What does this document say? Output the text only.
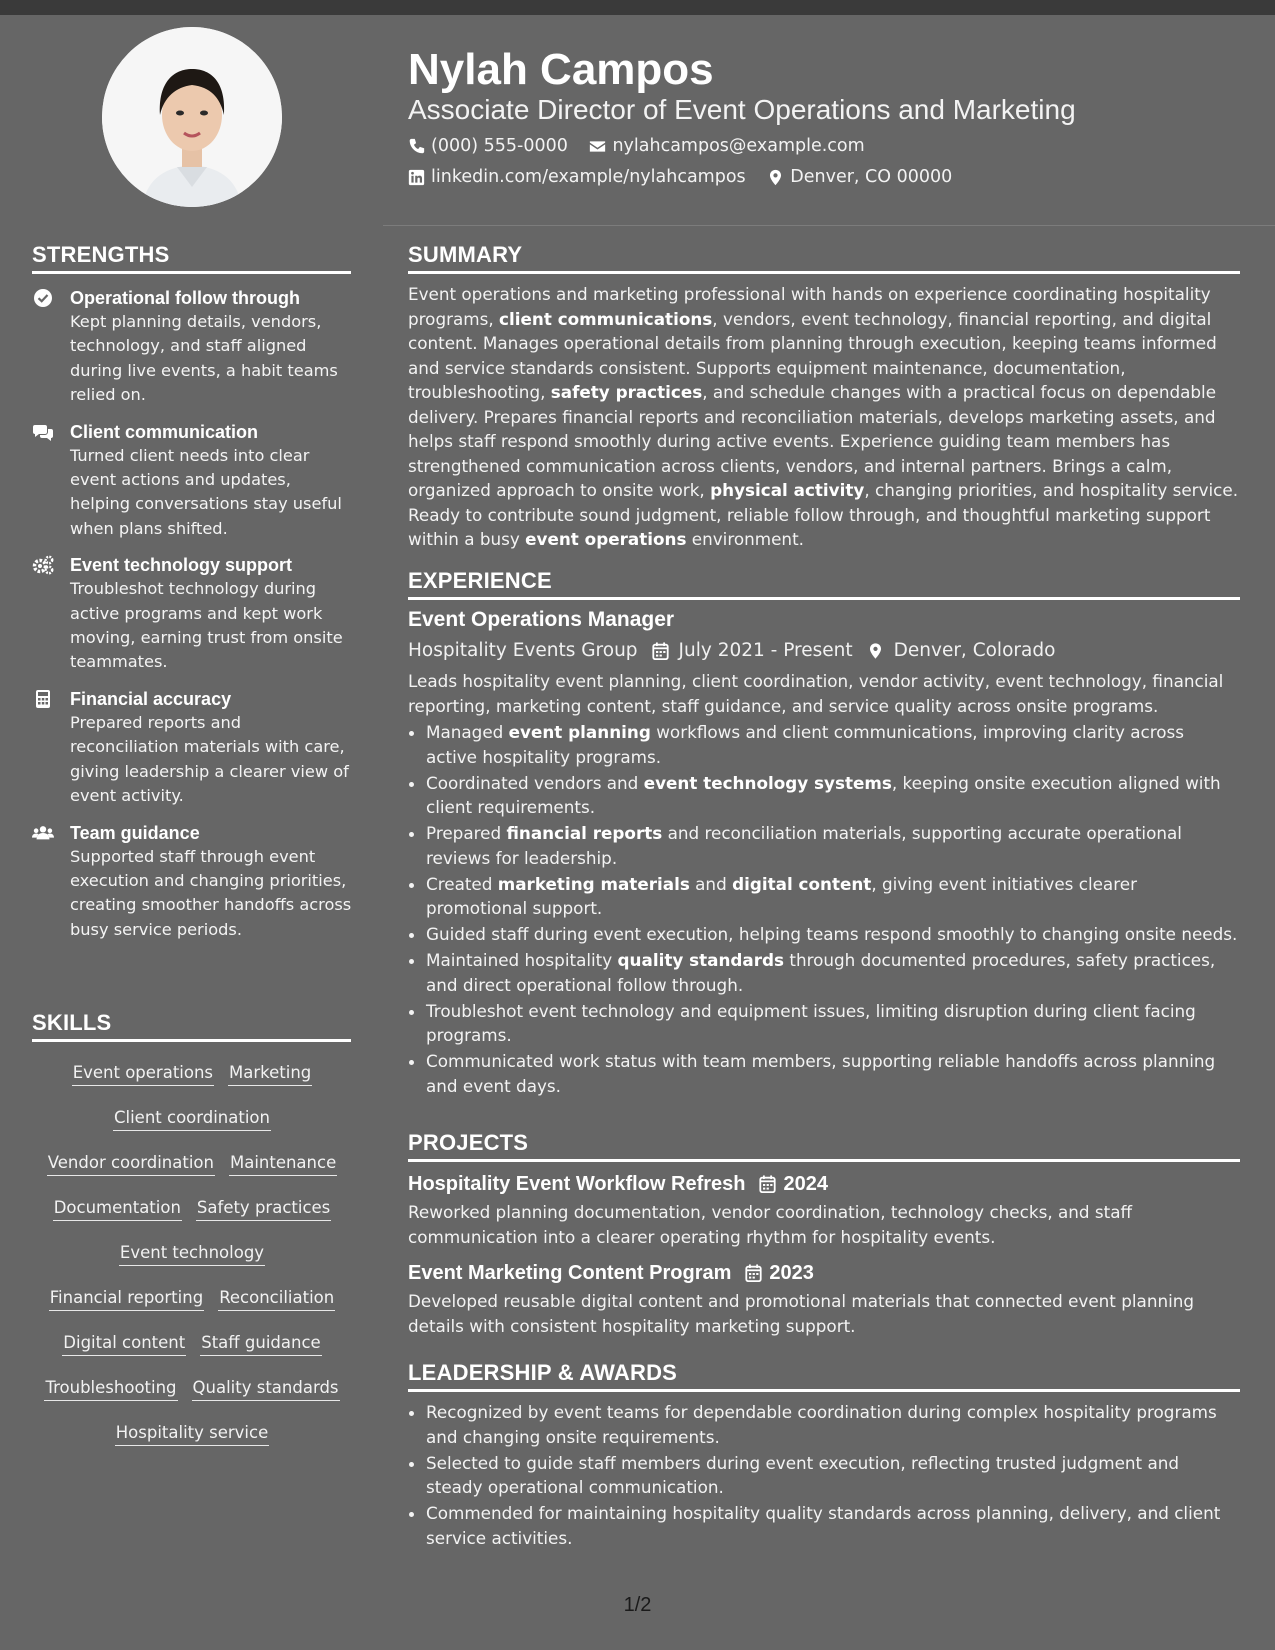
STRENGTHS
Operational follow through
Kept planning details, vendors, technology, and staff aligned during live events, a habit teams relied on.
Client communication
Turned client needs into clear event actions and updates, helping conversations stay useful when plans shifted.
Event technology support
Troubleshot technology during active programs and kept work moving, earning trust from onsite teammates.
Financial accuracy
Prepared reports and reconciliation materials with care, giving leadership a clearer view of event activity.
Team guidance
Supported staff through event execution and changing priorities, creating smoother handoffs across busy service periods.
SKILLS
Event operations Marketing
Client coordination
Vendor coordination Maintenance
Documentation Safety practices
Event technology
Financial reporting Reconciliation
Digital content Staff guidance
Troubleshooting Quality standards
Hospitality service
Nylah Campos
Associate Director of Event Operations and Marketing
(000) 555-0000
	nylahcampos@example.com
linkedin.com/example/nylahcampos
	Denver, CO 00000
SUMMARY
Event operations and marketing professional with hands on experience coordinating hospitality programs, client communications, vendors, event technology, financial reporting, and digital content. Manages operational details from planning through execution, keeping teams informed and service standards consistent. Supports equipment maintenance, documentation, troubleshooting, safety practices, and schedule changes with a practical focus on dependable delivery. Prepares financial reports and reconciliation materials, develops marketing assets, and helps staff respond smoothly during active events. Experience guiding team members has strengthened communication across clients, vendors, and internal partners. Brings a calm, organized approach to onsite work, physical activity, changing priorities, and hospitality service. Ready to contribute sound judgment, reliable follow through, and thoughtful marketing support within a busy event operations environment.
EXPERIENCE
Event Operations Manager
Hospitality Events Group July 2021 - Present Denver, Colorado
Leads hospitality event planning, client coordination, vendor activity, event technology, financial reporting, marketing content, staff guidance, and service quality across onsite programs.
• Managed event planning workflows and client communications, improving clarity across active hospitality programs.
• Coordinated vendors and event technology systems, keeping onsite execution aligned with client requirements.
• Prepared financial reports and reconciliation materials, supporting accurate operational reviews for leadership.
• Created marketing materials and digital content, giving event initiatives clearer promotional support.
• Guided staff during event execution, helping teams respond smoothly to changing onsite needs.
• Maintained hospitality quality standards through documented procedures, safety practices, and direct operational follow through.
• Troubleshot event technology and equipment issues, limiting disruption during client facing programs.
• Communicated work status with team members, supporting reliable handoffs across planning and event days.
PROJECTS
Hospitality Event Workflow Refresh 2024
Reworked planning documentation, vendor coordination, technology checks, and staff communication into a clearer operating rhythm for hospitality events.
Event Marketing Content Program 2023
Developed reusable digital content and promotional materials that connected event planning details with consistent hospitality marketing support.
LEADERSHIP & AWARDS
• Recognized by event teams for dependable coordination during complex hospitality programs and changing onsite requirements.
• Selected to guide staff members during event execution, reflecting trusted judgment and steady operational communication.
• Commended for maintaining hospitality quality standards across planning, delivery, and client service activities.
1/2
